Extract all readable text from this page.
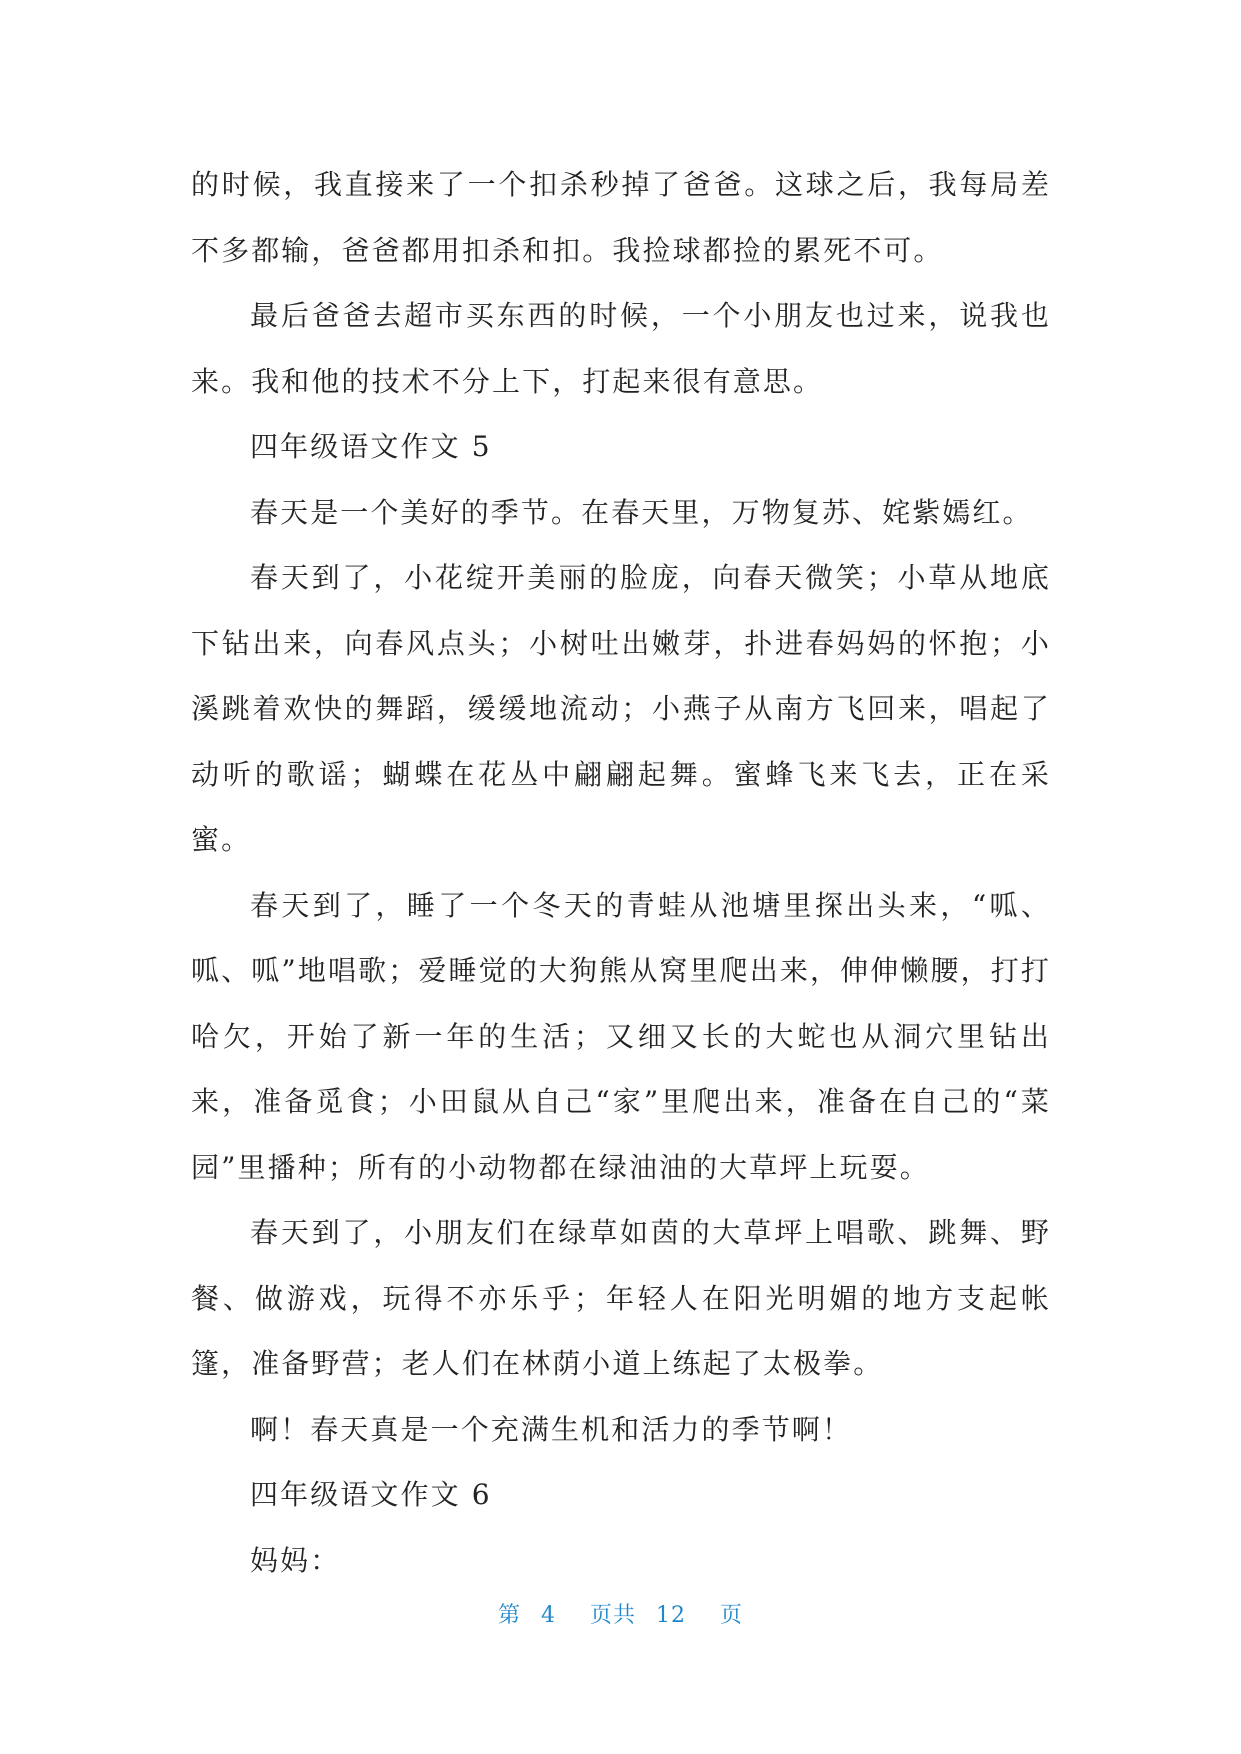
的时候，我直接来了一个扣杀秒掉了爸爸。这球之后，我每局差不多都输，爸爸都用扣杀和扣。我捡球都捡的累死不可。

最后爸爸去超市买东西的时候，一个小朋友也过来，说我也来。我和他的技术不分上下，打起来很有意思。

四年级语文作文 5

春天是一个美好的季节。在春天里，万物复苏、姹紫嫣红。

春天到了，小花绽开美丽的脸庞，向春天微笑；小草从地底下钻出来，向春风点头；小树吐出嫩芽，扑进春妈妈的怀抱；小溪跳着欢快的舞蹈，缓缓地流动；小燕子从南方飞回来，唱起了动听的歌谣；蝴蝶在花丛中翩翩起舞。蜜蜂飞来飞去，正在采蜜。

春天到了，睡了一个冬天的青蛙从池塘里探出头来，“呱、呱、呱”地唱歌；爱睡觉的大狗熊从窝里爬出来，伸伸懒腰，打打哈欠，开始了新一年的生活；又细又长的大蛇也从洞穴里钻出来，准备觅食；小田鼠从自己“家”里爬出来，准备在自己的“菜园”里播种；所有的小动物都在绿油油的大草坪上玩耍。

春天到了，小朋友们在绿草如茵的大草坪上唱歌、跳舞、野餐、做游戏，玩得不亦乐乎；年轻人在阳光明媚的地方支起帐篷，准备野营；老人们在林荫小道上练起了太极拳。

啊！春天真是一个充满生机和活力的季节啊！

四年级语文作文 6

妈妈：

第 4 页共 12 页
